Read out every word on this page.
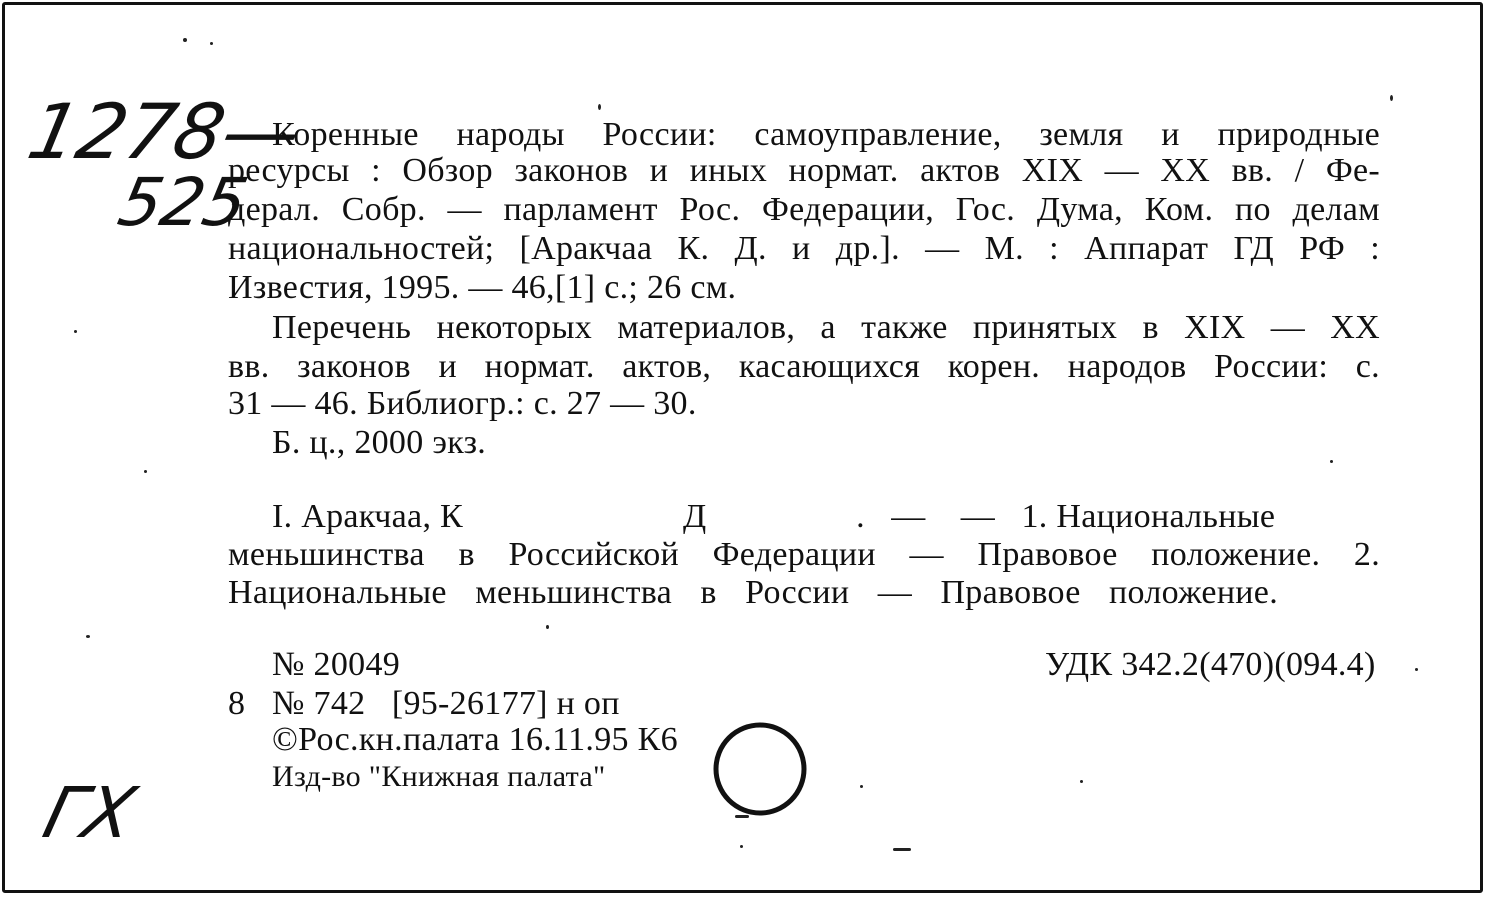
1278—
525
ГХ
Коренные народы России: самоуправление, земля и природные
ресурсы : Обзор законов и иных нормат. актов XIX — XX вв. / Фе-
дерал. Собр. — парламент Рос. Федерации, Гос. Дума, Ком. по делам
национальностей; [Аракчаа К. Д. и др.]. — М. : Аппарат ГД РФ :
Известия, 1995. — 46,[1] с.; 26 см.
Перечень некоторых материалов, а также принятых в XIX — XX
вв. законов и нормат. актов, касающихся корен. народов России: с.
31 — 46. Библиогр.: с. 27 — 30.
Б. ц., 2000 экз.
I. Аракчаа, К                         Д                 .   —    —   1. Национальные
меньшинства в Российской Федерации — Правовое положение. 2.
Национальные меньшинства в России — Правовое положение.
№ 20049	УДК 342.2(470)(094.4)
8 № 742   [95-26177] н оп
©Рос.кн.палата 16.11.95 К6
Изд-во "Книжная палата"
